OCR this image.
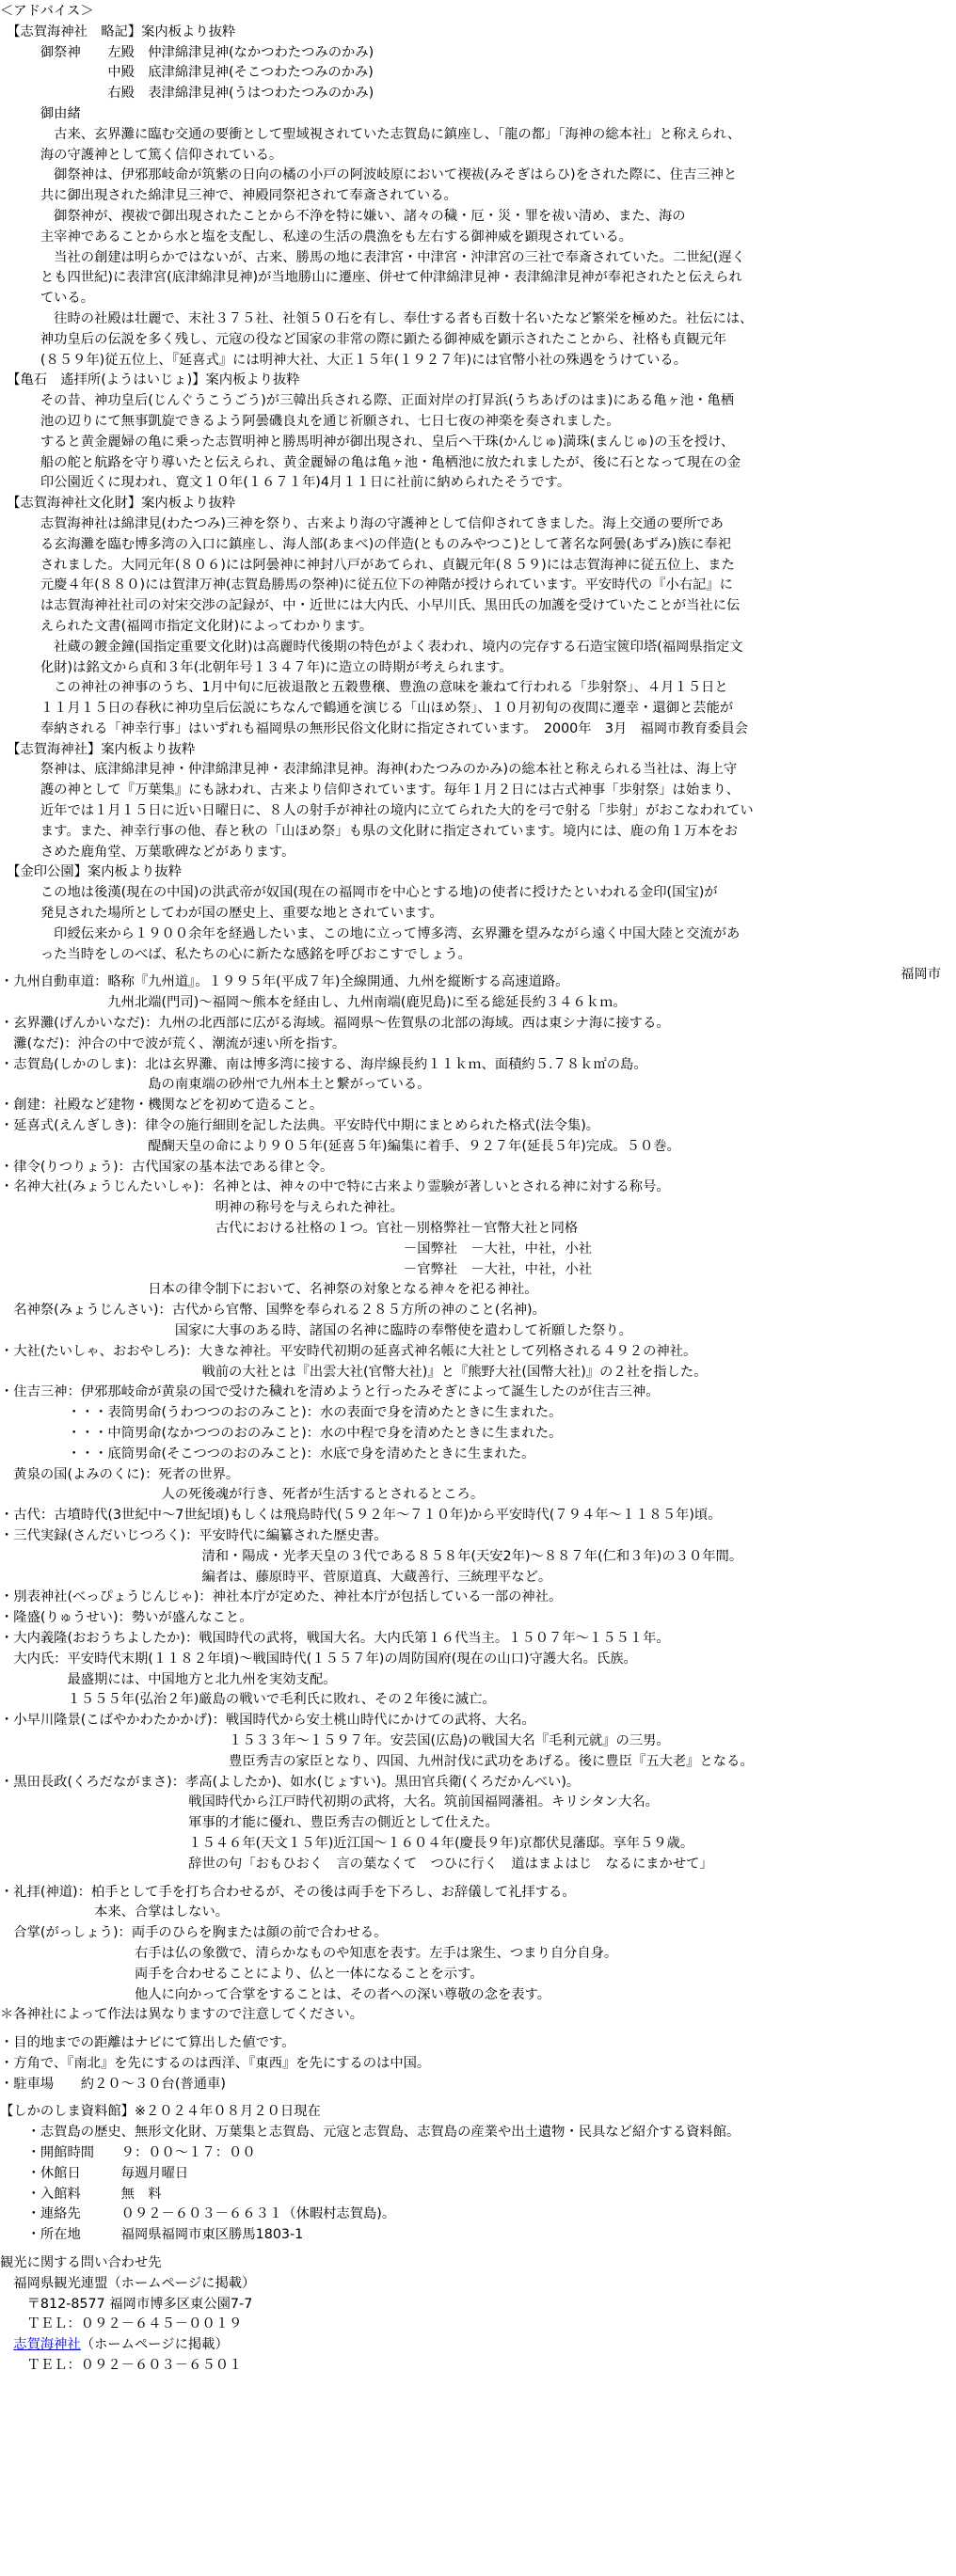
＜アドバイス＞
　【志賀海神社　略記】案内板より抜粋
　　　御祭神　　左殿　仲津綿津見神(なかつわたつみのかみ)
　　　　　　　　中殿　底津綿津見神(そこつわたつみのかみ)
　　　　　　　　右殿　表津綿津見神(うはつわたつみのかみ)
　　　御由緒
　　　　古来、玄界灘に臨む交通の要衝として聖域視されていた志賀島に鎮座し、「龍の都」「海神の総本社」と称えられ、
　　　海の守護神として篤く信仰されている。
　　　　御祭神は、伊邪那岐命が筑紫の日向の橘の小戸の阿波岐原において禊祓(みそぎはらひ)をされた際に、住吉三神と
　　　共に御出現された綿津見三神で、神殿同祭祀されて奉斎されている。
　　　　御祭神が、禊祓で御出現されたことから不浄を特に嫌い、諸々の穢・厄・災・罪を祓い清め、また、海の
　　　主宰神であることから水と塩を支配し、私達の生活の農漁をも左右する御神威を顕現されている。
　　　　当社の創建は明らかではないが、古来、勝馬の地に表津宮・中津宮・沖津宮の三社で奉斎されていた。二世紀(遅く
　　　とも四世紀)に表津宮(底津綿津見神)が当地勝山に遷座、併せて仲津綿津見神・表津綿津見神が奉祀されたと伝えられ
　　　ている。
　　　　往時の社殿は壮麗で、末社３７５社、社領５０石を有し、奉仕する者も百数十名いたなど繁栄を極めた。社伝には、
　　　神功皇后の伝説を多く残し、元寇の役など国家の非常の際に顕たる御神威を顕示されたことから、社格も貞観元年
　　　(８５９年)従五位上、『延喜式』には明神大社、大正１５年(１９２７年)には官幣小社の殊遇をうけている。
　【亀石　遙拝所(ようはいじょ)】案内板より抜粋
　　　その昔、神功皇后(じんぐうこうごう)が三韓出兵される際、正面対岸の打昇浜(うちあげのはま)にある亀ヶ池・亀栖
　　　池の辺りにて無事凱旋できるよう阿曇磯良丸を通じ祈願され、七日七夜の神楽を奏されました。
　　　すると黄金麗婦の亀に乗った志賀明神と勝馬明神が御出現され、皇后へ干珠(かんじゅ)満珠(まんじゅ)の玉を授け、
　　　船の舵と航路を守り導いたと伝えられ、黄金麗婦の亀は亀ヶ池・亀栖池に放たれましたが、後に石となって現在の金
　　　印公園近くに現われ、寛文１０年(１６７１年)4月１１日に社前に納められたそうです。
　【志賀海神社文化財】案内板より抜粋
　　　志賀海神社は綿津見(わたつみ)三神を祭り、古来より海の守護神として信仰されてきました。海上交通の要所であ
　　　る玄海灘を臨む博多湾の入口に鎮座し、海人部(あまべ)の伴造(とものみやつこ)として著名な阿曇(あずみ)族に奉祀
　　　されました。大同元年(８０６)には阿曇神に神封八戸があてられ、貞観元年(８５９)には志賀海神に従五位上、また
　　　元慶４年(８８０)には賀津万神(志賀島勝馬の祭神)に従五位下の神階が授けられています。平安時代の『小右記』に
　　　は志賀海神社社司の対宋交渉の記録が、中・近世には大内氏、小早川氏、黒田氏の加護を受けていたことが当社に伝
　　　えられた文書(福岡市指定文化財)によってわかります。
　　　　社蔵の鍍金鐘(国指定重要文化財)は高麗時代後期の特色がよく表われ、境内の完存する石造宝篋印塔(福岡県指定文
　　　化財)は銘文から貞和３年(北朝年号１３４７年)に造立の時期が考えられます。
　　　　この神社の神事のうち、1月中旬に厄祓退散と五穀豊穣、豊漁の意味を兼ねて行われる「歩射祭」、４月１５日と
　　　１１月１５日の春秋に神功皇后伝説にちなんで鶴通を演じる「山ほめ祭」、１０月初旬の夜間に遷幸・還御と芸能が
　　　奉納される「神幸行事」はいずれも福岡県の無形民俗文化財に指定されています。　2000年　3月　福岡市教育委員会
　【志賀海神社】案内板より抜粋
　　　祭神は、底津綿津見神・仲津綿津見神・表津綿津見神。海神(わたつみのかみ)の総本社と称えられる当社は、海上守
　　　護の神として『万葉集』にも詠われ、古来より信仰されています。毎年１月２日には古式神事「歩射祭」は始まり、
　　　近年では１月１５日に近い日曜日に、８人の射手が神社の境内に立てられた大的を弓で射る「歩射」がおこなわれてい
　　　ます。また、神幸行事の他、春と秋の「山ほめ祭」も県の文化財に指定されています。境内には、鹿の角１万本をお
　　　さめた鹿角堂、万葉歌碑などがあります。
　【金印公園】案内板より抜粋
　　　この地は後漢(現在の中国)の洪武帝が奴国(現在の福岡市を中心とする地)の使者に授けたといわれる金印(国宝)が
　　　発見された場所としてわが国の歴史上、重要な地とされています。
　　　　印綬伝来から１９００余年を経過したいま、この地に立って博多湾、玄界灘を望みながら遠く中国大陸と交流があ
　　　った当時をしのべば、私たちの心に新たな感銘を呼びおこすでしょう。

福岡市

・九州自動車道：略称『九州道』。１９９５年(平成７年)全線開通、九州を縦断する高速道路。
　　　　　　　　九州北端(門司)～福岡～熊本を経由し、九州南端(鹿児島)に至る総延長約３４６ｋｍ。
・玄界灘(げんかいなだ)：九州の北西部に広がる海域。福岡県～佐賀県の北部の海域。西は東シナ海に接する。
　灘(なだ)：沖合の中で波が荒く、潮流が速い所を指す。
・志賀島(しかのしま)：北は玄界灘、南は博多湾に接する、海岸線長約１１ｋｍ、面積約５.７８ｋ㎡の島。
　　　　　　　　　　　島の南東端の砂州で九州本土と繋がっている。
・創建：社殿など建物・機関などを初めて造ること。
・延喜式(えんぎしき)：律令の施行細則を記した法典。平安時代中期にまとめられた格式(法令集)。
　　　　　　　　　　　醍醐天皇の命により９０５年(延喜５年)編集に着手、９２７年(延長５年)完成。５０巻。
・律令(りつりょう)：古代国家の基本法である律と令。
・名神大社(みょうじんたいしゃ)：名神とは、神々の中で特に古来より霊験が著しいとされる神に対する称号。
　　　　　　　　　　　　　　　　明神の称号を与えられた神社。
　　　　　　　　　　　　　　　　古代における社格の１つ。官社－別格弊社－官幣大社と同格
　　　　　　　　　　　　　　　　　　　　　　　　　　　　　　－国弊社　－大社，中社，小社
　　　　　　　　　　　　　　　　　　　　　　　　　　　　　　－官弊社　－大社，中社，小社
　　　　　　　　　　　日本の律令制下において、名神祭の対象となる神々を祀る神社。
　名神祭(みょうじんさい)：古代から官幣、国弊を奉られる２８５方所の神のこと(名神)。
　　　　　　　　　　　　　国家に大事のある時、諸国の名神に臨時の奉幣使を遣わして祈願した祭り。
・大社(たいしゃ、おおやしろ)：大きな神社。平安時代初期の延喜式神名帳に大社として列格される４９２の神社。
　　　　　　　　　　　　　　　戦前の大社とは『出雲大社(官幣大社)』と『熊野大社(国幣大社)』の２社を指した。
・住吉三神：伊邪那岐命が黄泉の国で受けた穢れを清めようと行ったみそぎによって誕生したのが住吉三神。
　　　　　・・・表筒男命(うわつつのおのみこと)：水の表面で身を清めたときに生まれた。
　　　　　・・・中筒男命(なかつつのおのみこと)：水の中程で身を清めたときに生まれた。
　　　　　・・・底筒男命(そこつつのおのみこと)：水底で身を清めたときに生まれた。
　黄泉の国(よみのくに)：死者の世界。
　　　　　　　　　　　　人の死後魂が行き、死者が生活するとされるところ。
・古代：古墳時代(3世紀中～7世紀頃)もしくは飛鳥時代(５９２年～７１０年)から平安時代(７９４年～１１８５年)頃。
・三代実録(さんだいじつろく)：平安時代に編纂された歴史書。
　　　　　　　　　　　　　　　清和・陽成・光孝天皇の３代である８５８年(天安2年)～８８７年(仁和３年)の３０年間。
　　　　　　　　　　　　　　　編者は、藤原時平、菅原道真、大蔵善行、三統理平など。
・別表神社(べっぴょうじんじゃ)：神社本庁が定めた、神社本庁が包括している一部の神社。
・隆盛(りゅうせい)：勢いが盛んなこと。
・大内義隆(おおうちよしたか)：戦国時代の武将，戦国大名。大内氏第１６代当主。１５０７年～１５５１年。
　大内氏：平安時代末期(１１８２年頃)～戦国時代(１５５７年)の周防国府(現在の山口)守護大名。氏族。
　　　　　最盛期には、中国地方と北九州を実効支配。
　　　　　１５５５年(弘治２年)厳島の戦いで毛利氏に敗れ、その２年後に滅亡。
・小早川隆景(こばやかわたかかげ)：戦国時代から安土桃山時代にかけての武将、大名。
　　　　　　　　　　　　　　　　　１５３３年～１５９７年。安芸国(広島)の戦国大名『毛利元就』の三男。
　　　　　　　　　　　　　　　　　豊臣秀吉の家臣となり、四国、九州討伐に武功をあげる。後に豊臣『五大老』となる。
・黒田長政(くろだながまさ)：孝高(よしたか)、如水(じょすい)。黒田官兵衛(くろだかんべい)。
　　　　　　　　　　　　　　戦国時代から江戸時代初期の武将，大名。筑前国福岡藩祖。キリシタン大名。
　　　　　　　　　　　　　　軍事的才能に優れ、豊臣秀吉の側近として仕えた。
　　　　　　　　　　　　　　１５４６年(天文１５年)近江国～１６０４年(慶長９年)京都伏見藩邸。享年５９歳。
　　　　　　　　　　　　　　辞世の句「おもひおく　言の葉なくて　つひに行く　道はまよはじ　なるにまかせて」
・礼拝(神道)：柏手として手を打ち合わせるが、その後は両手を下ろし、お辞儀して礼拝する。
　　　　　　　本来、合掌はしない。
　合掌(がっしょう)：両手のひらを胸または顔の前で合わせる。
　　　　　　　　　　右手は仏の象徴で、清らかなものや知恵を表す。左手は衆生、つまり自分自身。
　　　　　　　　　　両手を合わせることにより、仏と一体になることを示す。
　　　　　　　　　　他人に向かって合掌をすることは、その者への深い尊敬の念を表す。
＊各神社によって作法は異なりますので注意してください。
・目的地までの距離はナビにて算出した値です。
・方角で、『南北』を先にするのは西洋、『東西』を先にするのは中国。
・駐車場　　約２０～３０台(普通車)
【しかのしま資料館】※２０２４年０８月２０日現在
　　・志賀島の歴史、無形文化財、万葉集と志賀島、元寇と志賀島、志賀島の産業や出土遺物・民具など紹介する資料館。
　　・開館時間　　９：００～１７：００
　　・休館日　　　毎週月曜日
　　・入館料　　　無　料
　　・連絡先　　　０９２－６０３－６６３１（休暇村志賀島)。
　　・所在地　　　福岡県福岡市東区勝馬1803-1
観光に関する問い合わせ先
　福岡県観光連盟（ホームページに掲載）
　　〒812-8577 福岡市博多区東公園7-7
　　ＴＥＬ：０９２－６４５－００１９
　志賀海神社（ホームページに掲載）
　　ＴＥＬ：０９２－６０３－６５０１
